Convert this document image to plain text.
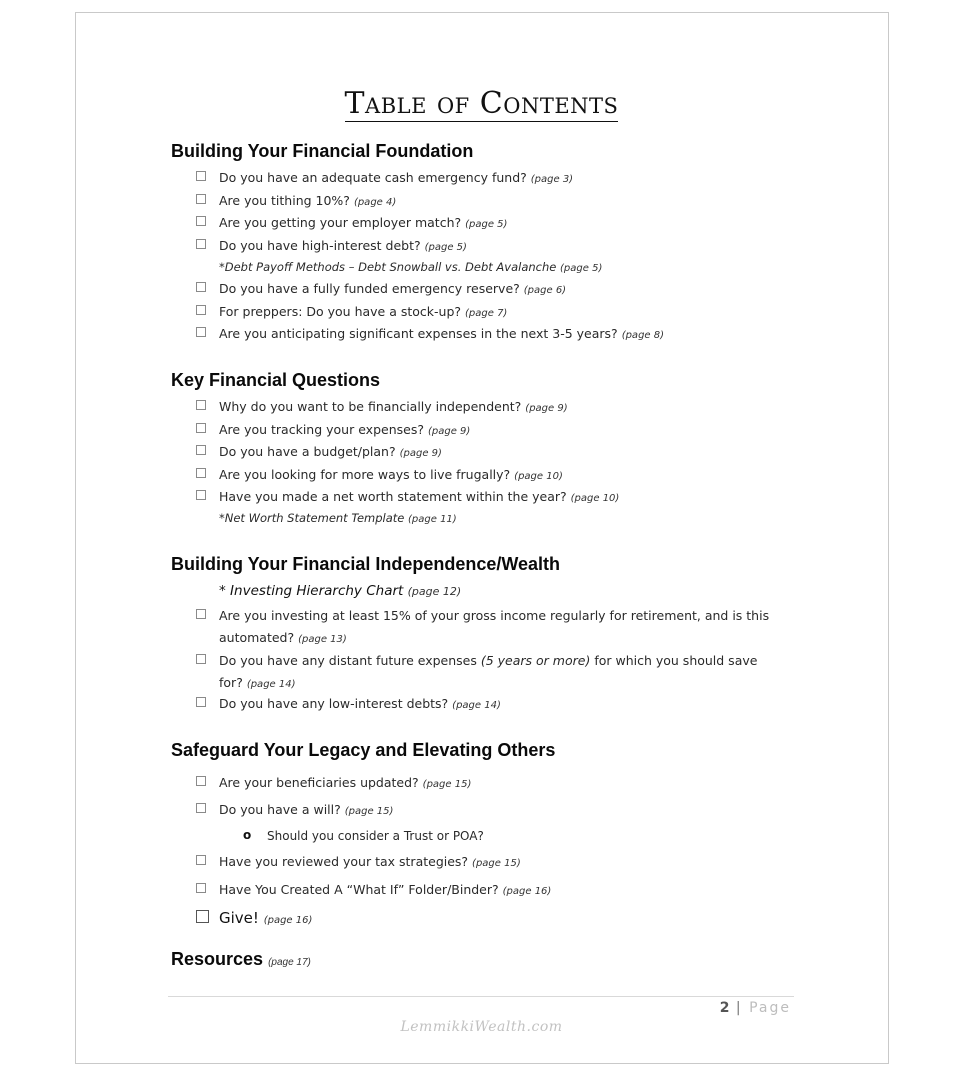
Table of Contents
Building Your Financial Foundation
Do you have an adequate cash emergency fund? (page 3)
Are you tithing 10%? (page 4)
Are you getting your employer match? (page 5)
Do you have high-interest debt? (page 5)
*Debt Payoff Methods – Debt Snowball vs. Debt Avalanche (page 5)
Do you have a fully funded emergency reserve? (page 6)
For preppers: Do you have a stock-up? (page 7)
Are you anticipating significant expenses in the next 3-5 years? (page 8)
Key Financial Questions
Why do you want to be financially independent? (page 9)
Are you tracking your expenses? (page 9)
Do you have a budget/plan? (page 9)
Are you looking for more ways to live frugally? (page 10)
Have you made a net worth statement within the year? (page 10)
*Net Worth Statement Template (page 11)
Building Your Financial Independence/Wealth
* Investing Hierarchy Chart (page 12)
Are you investing at least 15% of your gross income regularly for retirement, and is this automated? (page 13)
Do you have any distant future expenses (5 years or more) for which you should save for? (page 14)
Do you have any low-interest debts? (page 14)
Safeguard Your Legacy and Elevating Others
Are your beneficiaries updated? (page 15)
Do you have a will? (page 15)
o Should you consider a Trust or POA?
Have you reviewed your tax strategies? (page 15)
Have You Created A “What If” Folder/Binder? (page 16)
Give! (page 16)
Resources (page 17)
2 | Page
LemmikkiWealth.com
